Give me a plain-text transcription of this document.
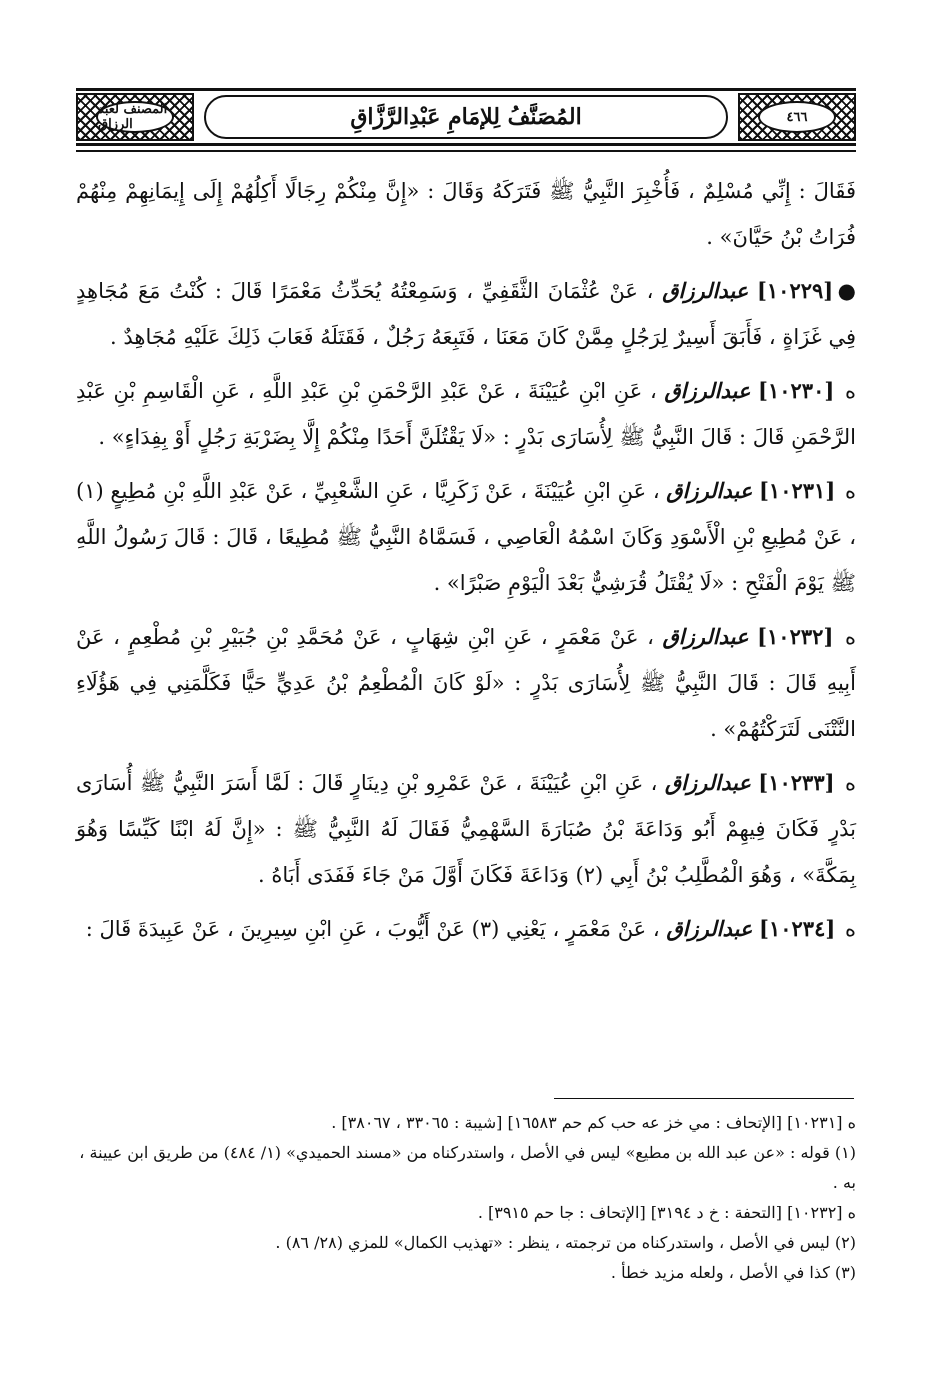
المصنف لعبد الرزاق	المُصَنَّفُ لِلإمَامِ عَبْدِالرَّزَّاقِ	٤٦٦

فَقَالَ : إِنِّي مُسْلِمٌ ، فَأُخْبِرَ النَّبِيُّ ﷺ فَتَرَكَهُ وَقَالَ : «إِنَّ مِنْكُمْ رِجَالًا أَكِلُهُمْ إِلَى إِيمَانِهِمْ مِنْهُمْ فُرَاتُ بْنُ حَيَّانَ» .

● [١٠٢٢٩] عبدالرزاق ، عَنْ عُثْمَانَ الثَّقَفِيِّ ، وَسَمِعْتُهُ يُحَدِّثُ مَعْمَرًا قَالَ : كُنْتُ مَعَ مُجَاهِدٍ فِي غَزَاةٍ ، فَأَبَقَ أَسِيرٌ لِرَجُلٍ مِمَّنْ كَانَ مَعَنَا ، فَتَبِعَهُ رَجُلٌ ، فَقَتَلَهُ فَعَابَ ذَلِكَ عَلَيْهِ مُجَاهِدٌ .

ه [١٠٢٣٠] عبدالرزاق ، عَنِ ابْنِ عُيَيْنَةَ ، عَنْ عَبْدِ الرَّحْمَنِ بْنِ عَبْدِ اللَّهِ ، عَنِ الْقَاسِمِ بْنِ عَبْدِ الرَّحْمَنِ قَالَ : قَالَ النَّبِيُّ ﷺ لِأُسَارَى بَدْرٍ : «لَا يَقْتُلَنَّ أَحَدًا مِنْكُمْ إِلَّا بِضَرْبَةِ رَجُلٍ أَوْ بِفِدَاءٍ» .

ه [١٠٢٣١] عبدالرزاق ، عَنِ ابْنِ عُيَيْنَةَ ، عَنْ زَكَرِيَّا ، عَنِ الشَّعْبِيِّ ، عَنْ عَبْدِ اللَّهِ بْنِ مُطِيعٍ (١) ، عَنْ مُطِيعِ بْنِ الْأَسْوَدِ وَكَانَ اسْمُهُ الْعَاصِي ، فَسَمَّاهُ النَّبِيُّ ﷺ مُطِيعًا ، قَالَ : قَالَ رَسُولُ اللَّهِ ﷺ يَوْمَ الْفَتْحِ : «لَا يُقْتَلُ قُرَشِيٌّ بَعْدَ الْيَوْمِ صَبْرًا» .

ه [١٠٢٣٢] عبدالرزاق ، عَنْ مَعْمَرٍ ، عَنِ ابْنِ شِهَابٍ ، عَنْ مُحَمَّدِ بْنِ جُبَيْرِ بْنِ مُطْعِمٍ ، عَنْ أَبِيهِ قَالَ : قَالَ النَّبِيُّ ﷺ لِأُسَارَى بَدْرٍ : «لَوْ كَانَ الْمُطْعِمُ بْنُ عَدِيٍّ حَيًّا فَكَلَّمَنِي فِي هَؤُلَاءِ النَّتْنَى لَتَرَكْتُهُمْ» .

ه [١٠٢٣٣] عبدالرزاق ، عَنِ ابْنِ عُيَيْنَةَ ، عَنْ عَمْرِو بْنِ دِينَارٍ قَالَ : لَمَّا أَسَرَ النَّبِيُّ ﷺ أُسَارَى بَدْرٍ فَكَانَ فِيهِمْ أَبُو وَدَاعَةَ بْنُ صُبَارَةَ السَّهْمِيُّ فَقَالَ لَهُ النَّبِيُّ ﷺ : «إِنَّ لَهُ ابْنًا كَيِّسًا وَهُوَ بِمَكَّةَ» ، وَهُوَ الْمُطَّلِبُ بْنُ أَبِي (٢) وَدَاعَةَ فَكَانَ أَوَّلَ مَنْ جَاءَ فَفَدَى أَبَاهُ .

ه [١٠٢٣٤] عبدالرزاق ، عَنْ مَعْمَرٍ ، يَعْنِي (٣) عَنْ أَيُّوبَ ، عَنِ ابْنِ سِيرِينَ ، عَنْ عَبِيدَةَ قَالَ :

ه [١٠٢٣١] [الإتحاف : مي خز عه حب كم حم ١٦٥٨٣] [شيبة : ٣٣٠٦٥ ، ٣٨٠٦٧] .

(١) قوله : «عن عبد الله بن مطيع» ليس في الأصل ، واستدركناه من «مسند الحميدي» (١/ ٤٨٤) من طريق ابن عيينة ، به .

ه [١٠٢٣٢] [التحفة : خ د ٣١٩٤] [الإتحاف : جا حم ٣٩١٥] .

(٢) ليس في الأصل ، واستدركناه من ترجمته ، ينظر : «تهذيب الكمال» للمزي (٢٨/ ٨٦) .

(٣) كذا في الأصل ، ولعله مزيد خطأ .
